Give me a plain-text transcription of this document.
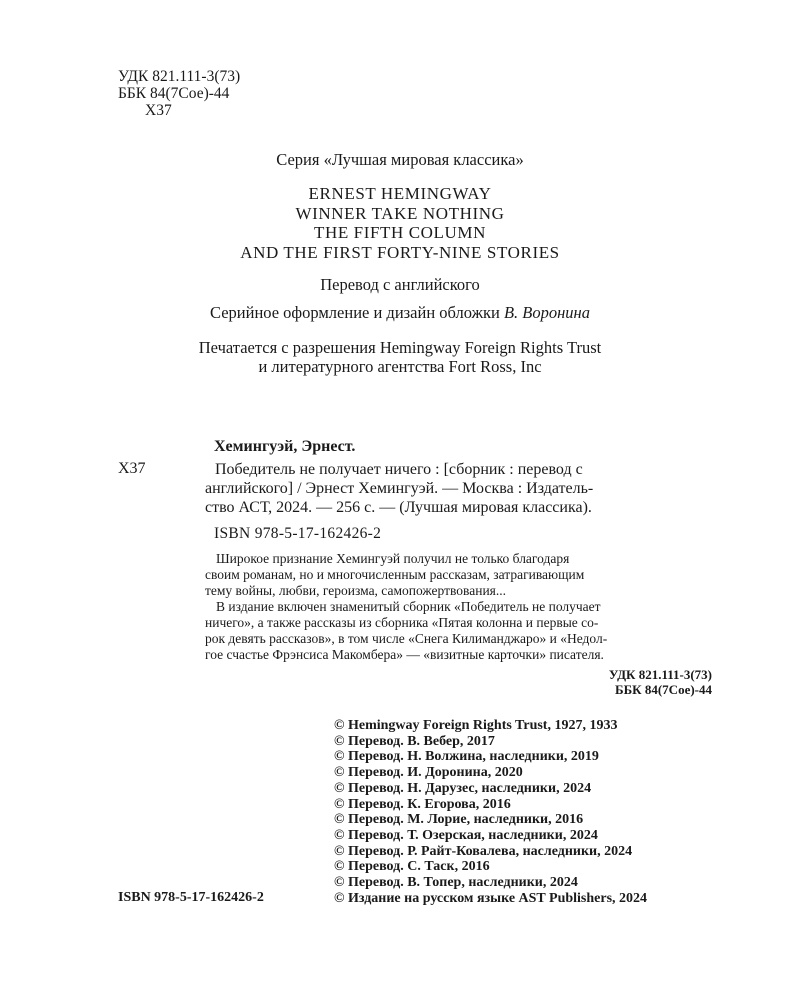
УДК 821.111-3(73)
ББК 84(7Сое)-44
Х37
Серия «Лучшая мировая классика»
ERNEST HEMINGWAY
WINNER TAKE NOTHING
THE FIFTH COLUMN
AND THE FIRST FORTY-NINE STORIES
Перевод с английского
Серийное оформление и дизайн обложки В. Воронина
Печатается с разрешения Hemingway Foreign Rights Trust
и литературного агентства Fort Ross, Inc
Хемингуэй, Эрнест.
Х37	Победитель не получает ничего : [сборник : перевод с
английского] / Эрнест Хемингуэй. — Москва : Издатель-
ство АСТ, 2024. — 256 с. — (Лучшая мировая классика).
ISBN 978-5-17-162426-2
Широкое признание Хемингуэй получил не только благодаря
своим романам, но и многочисленным рассказам, затрагивающим
тему войны, любви, героизма, самопожертвования...
В издание включен знаменитый сборник «Победитель не получает
ничего», а также рассказы из сборника «Пятая колонна и первые со-
рок девять рассказов», в том числе «Снега Килиманджаро» и «Недол-
гое счастье Фрэнсиса Макомбера» — «визитные карточки» писателя.
УДК 821.111-3(73)
ББК 84(7Сое)-44
© Hemingway Foreign Rights Trust, 1927, 1933
© Перевод. В. Вебер, 2017
© Перевод. Н. Волжина, наследники, 2019
© Перевод. И. Доронина, 2020
© Перевод. Н. Дарузес, наследники, 2024
© Перевод. К. Егорова, 2016
© Перевод. М. Лорие, наследники, 2016
© Перевод. Т. Озерская, наследники, 2024
© Перевод. Р. Райт-Ковалева, наследники, 2024
© Перевод. С. Таск, 2016
© Перевод. В. Топер, наследники, 2024
© Издание на русском языке AST Publishers, 2024
ISBN 978-5-17-162426-2
